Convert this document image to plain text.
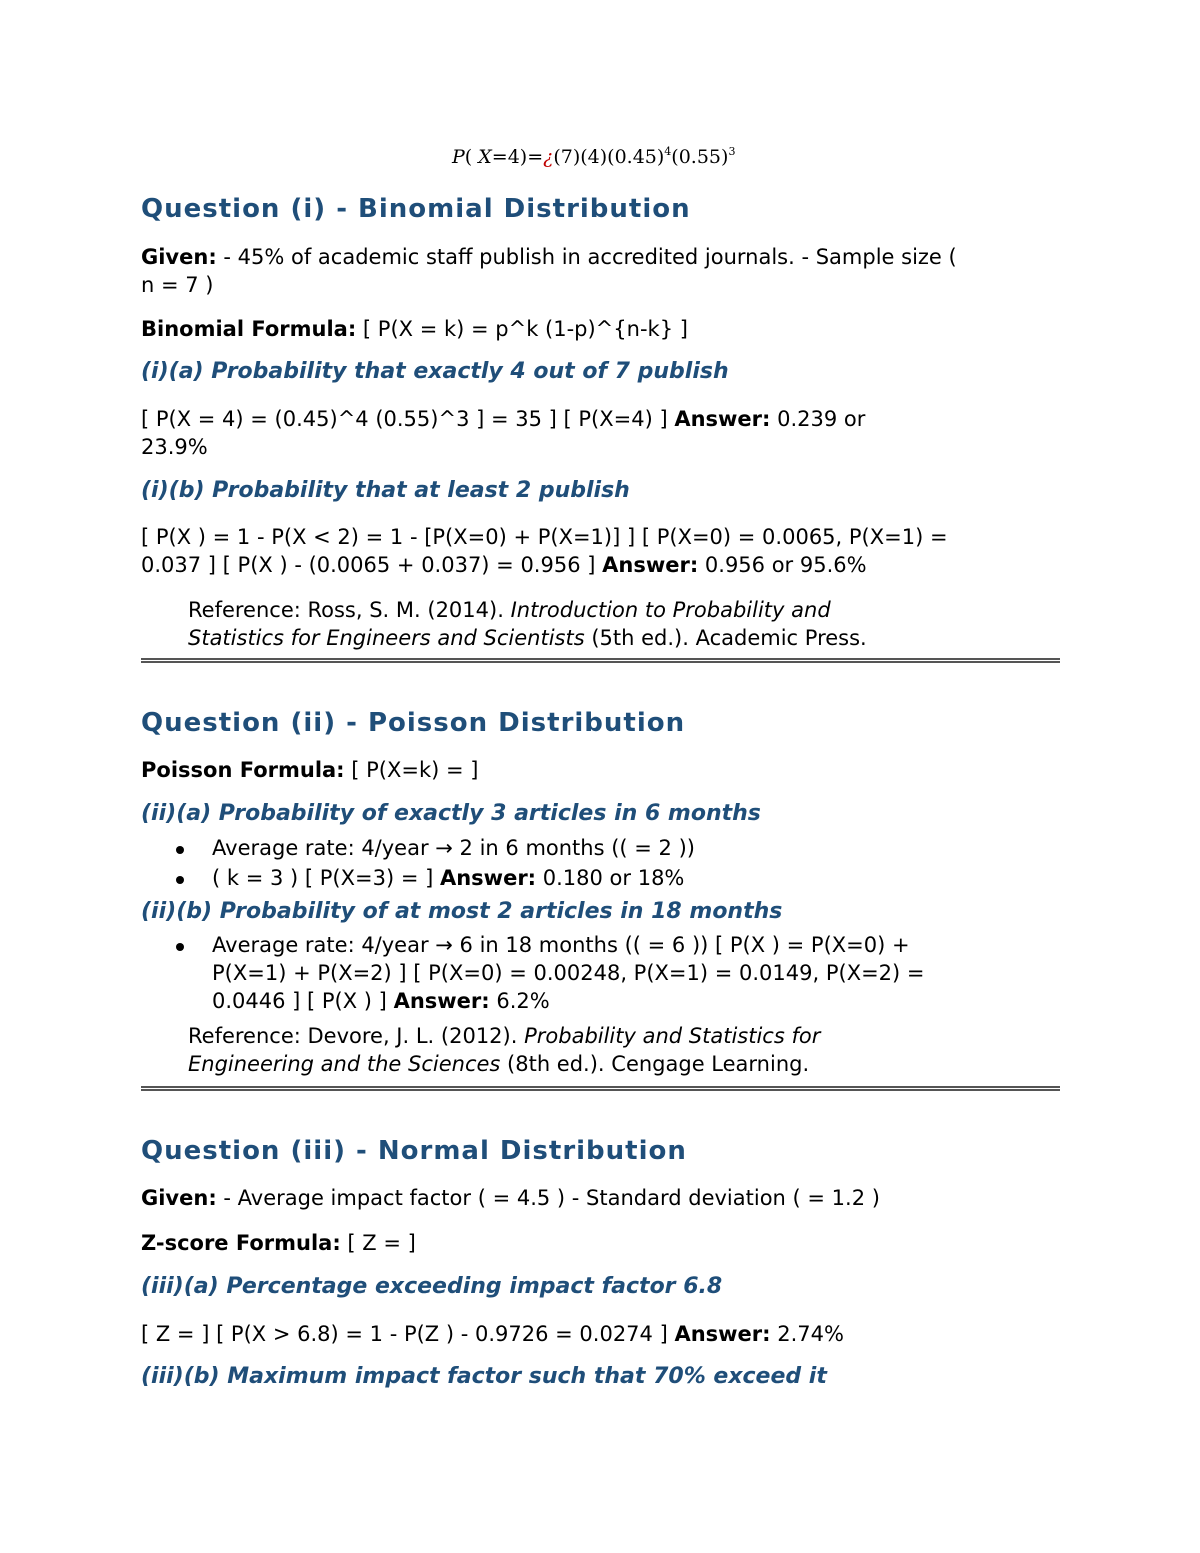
P( $X=4)=¿(7)(4)(0.45)^4(0.55)^3$
Question (i) - Binomial Distribution
Given: - 45% of academic staff publish in accredited journals. - Sample size (
n = 7 )
Binomial Formula: [ P(X = k) = p^k (1-p)^{n-k} ]
(i)(a) Probability that exactly 4 out of 7 publish
[ P(X = 4) = (0.45)^4 (0.55)^3 ] = 35 ] [ P(X=4) ] Answer: 0.239 or
23.9%
(i)(b) Probability that at least 2 publish
[ P(X ) = 1 - P(X < 2) = 1 - [P(X=0) + P(X=1)] ] [ P(X=0) = 0.0065, P(X=1) =
0.037 ] [ P(X ) - (0.0065 + 0.037) = 0.956 ] Answer: 0.956 or 95.6%
Reference: Ross, S. M. (2014). Introduction to Probability and
Statistics for Engineers and Scientists (5th ed.). Academic Press.
Question (ii) - Poisson Distribution
Poisson Formula: [ P(X=k) = ]
(ii)(a) Probability of exactly 3 articles in 6 months
Average rate: 4/year → 2 in 6 months (( = 2 ))
( k = 3 ) [ P(X=3) = ] Answer: 0.180 or 18%
(ii)(b) Probability of at most 2 articles in 18 months
Average rate: 4/year → 6 in 18 months (( = 6 )) [ P(X ) = P(X=0) +
P(X=1) + P(X=2) ] [ P(X=0) = 0.00248, P(X=1) = 0.0149, P(X=2) =
0.0446 ] [ P(X ) ] Answer: 6.2%
Reference: Devore, J. L. (2012). Probability and Statistics for
Engineering and the Sciences (8th ed.). Cengage Learning.
Question (iii) - Normal Distribution
Given: - Average impact factor ( = 4.5 ) - Standard deviation ( = 1.2 )
Z-score Formula: [ Z = ]
(iii)(a) Percentage exceeding impact factor 6.8
[ Z = ] [ P(X > 6.8) = 1 - P(Z ) - 0.9726 = 0.0274 ] Answer: 2.74%
(iii)(b) Maximum impact factor such that 70% exceed it
